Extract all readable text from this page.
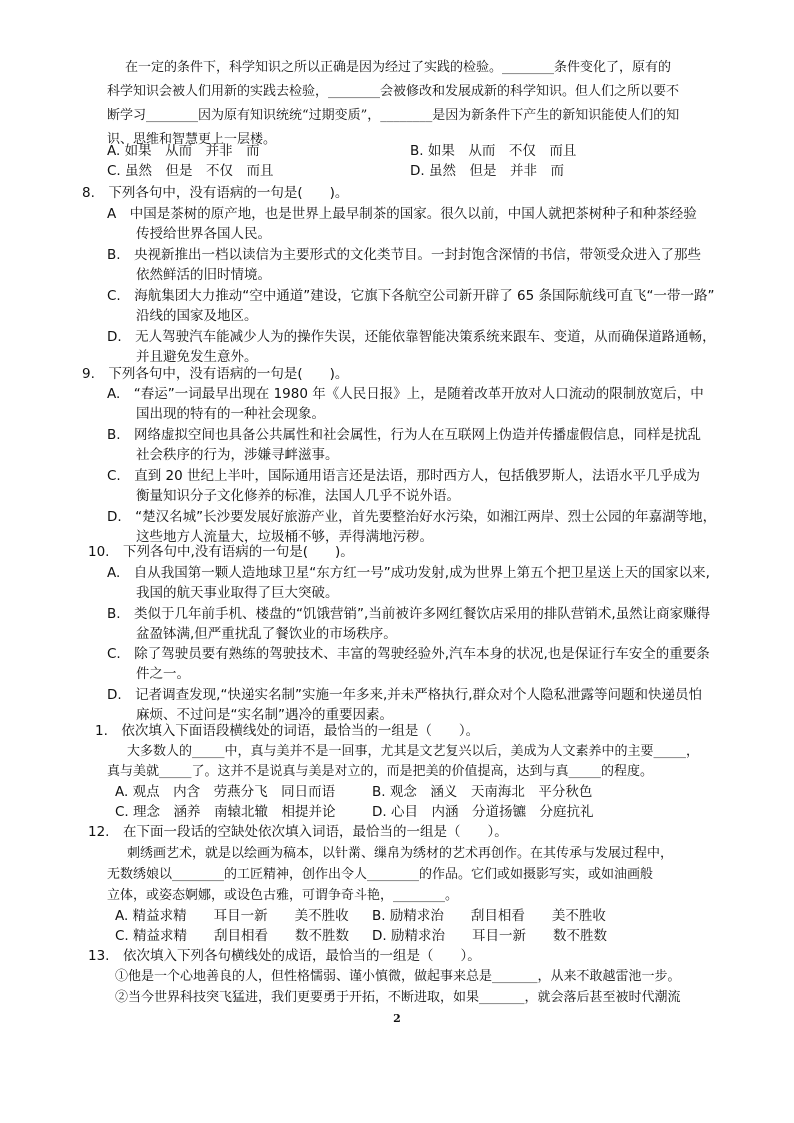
在一定的条件下，科学知识之所以正确是因为经过了实践的检验。________条件变化了，原有的
科学知识会被人们用新的实践去检验，________会被修改和发展成新的科学知识。但人们之所以要不
断学习________因为原有知识统统“过期变质”，________是因为新条件下产生的新知识能使人们的知
识、思维和智慧更上一层楼。
A. 如果　从而　并非　而	B. 如果　从而　不仅　而且
C. 虽然　但是　不仅　而且	D. 虽然　但是　并非　而
8.　下列各句中，没有语病的一句是(　　)。
A　中国是茶树的原产地，也是世界上最早制茶的国家。很久以前，中国人就把茶树种子和种茶经验
传授给世界各国人民。
B.　央视新推出一档以读信为主要形式的文化类节目。一封封饱含深情的书信，带领受众进入了那些
依然鲜活的旧时情境。
C.　海航集团大力推动“空中通道”建设，它旗下各航空公司新开辟了 65 条国际航线可直飞“一带一路”
沿线的国家及地区。
D.　无人驾驶汽车能减少人为的操作失误，还能依靠智能决策系统来跟车、变道，从而确保道路通畅，
并且避免发生意外。
9.　下列各句中，没有语病的一句是(　　)。
A.　“春运”一词最早出现在 1980 年《人民日报》上，是随着改革开放对人口流动的限制放宽后，中
国出现的特有的一种社会现象。
B.　网络虚拟空间也具备公共属性和社会属性，行为人在互联网上伪造并传播虚假信息，同样是扰乱
社会秩序的行为，涉嫌寻衅滋事。
C.　直到 20 世纪上半叶，国际通用语言还是法语，那时西方人，包括俄罗斯人，法语水平几乎成为
衡量知识分子文化修养的标准，法国人几乎不说外语。
D.　“楚汉名城”长沙要发展好旅游产业，首先要整治好水污染，如湘江两岸、烈士公园的年嘉湖等地，
这些地方人流量大，垃圾桶不够，弄得满地污秽。
10.　下列各句中,没有语病的一句是(　　)。
A.　自从我国第一颗人造地球卫星“东方红一号”成功发射,成为世界上第五个把卫星送上天的国家以来,
我国的航天事业取得了巨大突破。
B.　类似于几年前手机、楼盘的“饥饿营销”,当前被许多网红餐饮店采用的排队营销术,虽然让商家赚得
盆盈钵满,但严重扰乱了餐饮业的市场秩序。
C.　除了驾驶员要有熟练的驾驶技术、丰富的驾驶经验外,汽车本身的状况,也是保证行车安全的重要条
件之一。
D.　记者调查发现,“快递实名制”实施一年多来,并未严格执行,群众对个人隐私泄露等问题和快递员怕
麻烦、不过问是“实名制”遇冷的重要因素。
1.　依次填入下面语段横线处的词语，最恰当的一组是（　　）。
大多数人的_____中，真与美并不是一回事，尤其是文艺复兴以后，美成为人文素养中的主要_____，
真与美就_____了。这并不是说真与美是对立的，而是把美的价值提高，达到与真_____的程度。
A. 观点　内含　劳燕分飞　同日而语	B. 观念　涵义　天南海北　平分秋色
C. 理念　涵养　南辕北辙　相提并论	D. 心目　内涵　分道扬镳　分庭抗礼
12.　在下面一段话的空缺处依次填入词语，最恰当的一组是（　　）。
刺绣画艺术，就是以绘画为稿本，以针黹、缫帛为绣材的艺术再创作。在其传承与发展过程中，
无数绣娘以________的工匠精神，创作出令人________的作品。它们或如摄影写实，或如油画般
立体，或姿态婀娜，或设色古雅，可谓争奇斗艳，________。
A. 精益求精　　耳目一新　　美不胜收 B. 励精求治　　刮目相看　　美不胜收
C. 精益求精　　刮目相看　　数不胜数 D. 励精求治　　耳目一新　　数不胜数
13.　依次填入下列各句横线处的成语，最恰当的一组是（　　）。
①他是一个心地善良的人，但性格懦弱、谨小慎微，做起事来总是_______，从来不敢越雷池一步。
②当今世界科技突飞猛进，我们更要勇于开拓，不断进取，如果_______，就会落后甚至被时代潮流
2
